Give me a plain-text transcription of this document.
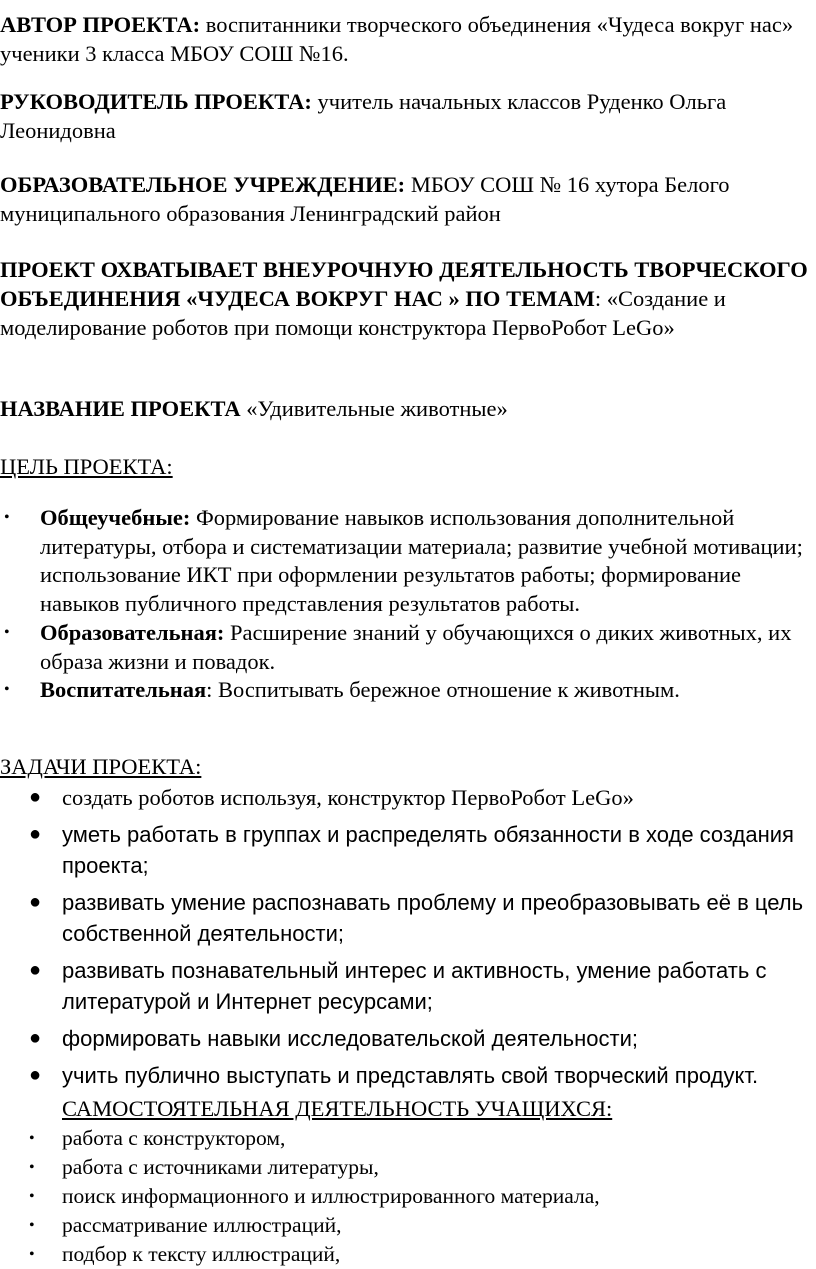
АВТОР ПРОЕКТА: воспитанники творческого объединения «Чудеса вокруг нас» ученики 3 класса МБОУ СОШ №16.

РУКОВОДИТЕЛЬ ПРОЕКТА: учитель начальных классов Руденко Ольга Леонидовна

ОБРАЗОВАТЕЛЬНОЕ УЧРЕЖДЕНИЕ: МБОУ СОШ № 16 хутора Белого муниципального образования Ленинградский район

ПРОЕКТ ОХВАТЫВАЕТ ВНЕУРОЧНУЮ ДЕЯТЕЛЬНОСТЬ ТВОРЧЕСКОГО ОБЪЕДИНЕНИЯ «ЧУДЕСА ВОКРУГ НАС » ПО ТЕМАМ: «Создание и моделирование роботов при помощи конструктора ПервоРобот LeGo»

НАЗВАНИЕ ПРОЕКТА «Удивительные животные»

ЦЕЛЬ ПРОЕКТА:

• Общеучебные: Формирование навыков использования дополнительной литературы, отбора и систематизации материала; развитие учебной мотивации; использование ИКТ при оформлении результатов работы; формирование навыков публичного представления результатов работы.
• Образовательная: Расширение знаний у обучающихся о диких животных, их образа жизни и повадок.
• Воспитательная: Воспитывать бережное отношение к животным.

ЗАДАЧИ ПРОЕКТА:

● создать роботов используя, конструктор ПервоРобот LeGo»
● уметь работать в группах и распределять обязанности в ходе создания проекта;
● развивать умение распознавать проблему и преобразовывать её в цель собственной деятельности;
● развивать познавательный интерес и активность, умение работать с литературой и Интернет ресурсами;
● формировать навыки исследовательской деятельности;
● учить публично выступать и представлять свой творческий продукт.

САМОСТОЯТЕЛЬНАЯ ДЕЯТЕЛЬНОСТЬ УЧАЩИХСЯ:

• работа с конструктором,
• работа с источниками литературы,
• поиск информационного и иллюстрированного материала,
• рассматривание иллюстраций,
• подбор к тексту иллюстраций,
